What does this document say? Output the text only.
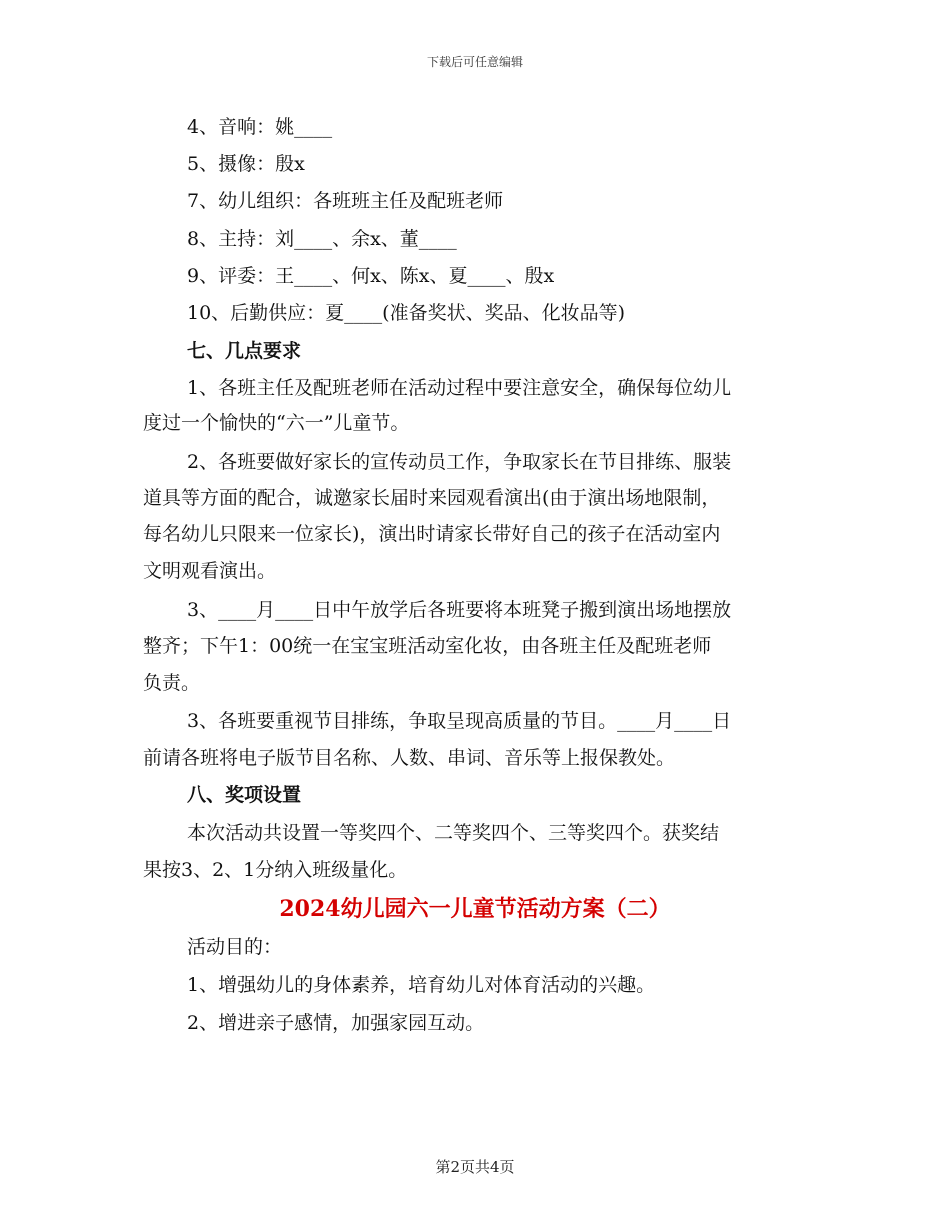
下载后可任意编辑
4、音响：姚____
5、摄像：殷x
7、幼儿组织：各班班主任及配班老师
8、主持：刘____、余x、董____
9、评委：王____、何x、陈x、夏____、殷x
10、后勤供应：夏____(准备奖状、奖品、化妆品等)
七、几点要求
1、各班主任及配班老师在活动过程中要注意安全，确保每位幼儿
度过一个愉快的“六一”儿童节。
2、各班要做好家长的宣传动员工作，争取家长在节目排练、服装
道具等方面的配合，诚邀家长届时来园观看演出(由于演出场地限制，
每名幼儿只限来一位家长)，演出时请家长带好自己的孩子在活动室内
文明观看演出。
3、____月____日中午放学后各班要将本班凳子搬到演出场地摆放
整齐；下午1：00统一在宝宝班活动室化妆，由各班主任及配班老师
负责。
3、各班要重视节目排练，争取呈现高质量的节目。____月____日
前请各班将电子版节目名称、人数、串词、音乐等上报保教处。
八、奖项设置
本次活动共设置一等奖四个、二等奖四个、三等奖四个。获奖结
果按3、2、1分纳入班级量化。
2024幼儿园六一儿童节活动方案（二）
活动目的：
1、增强幼儿的身体素养，培育幼儿对体育活动的兴趣。
2、增进亲子感情，加强家园互动。
第2页共4页
